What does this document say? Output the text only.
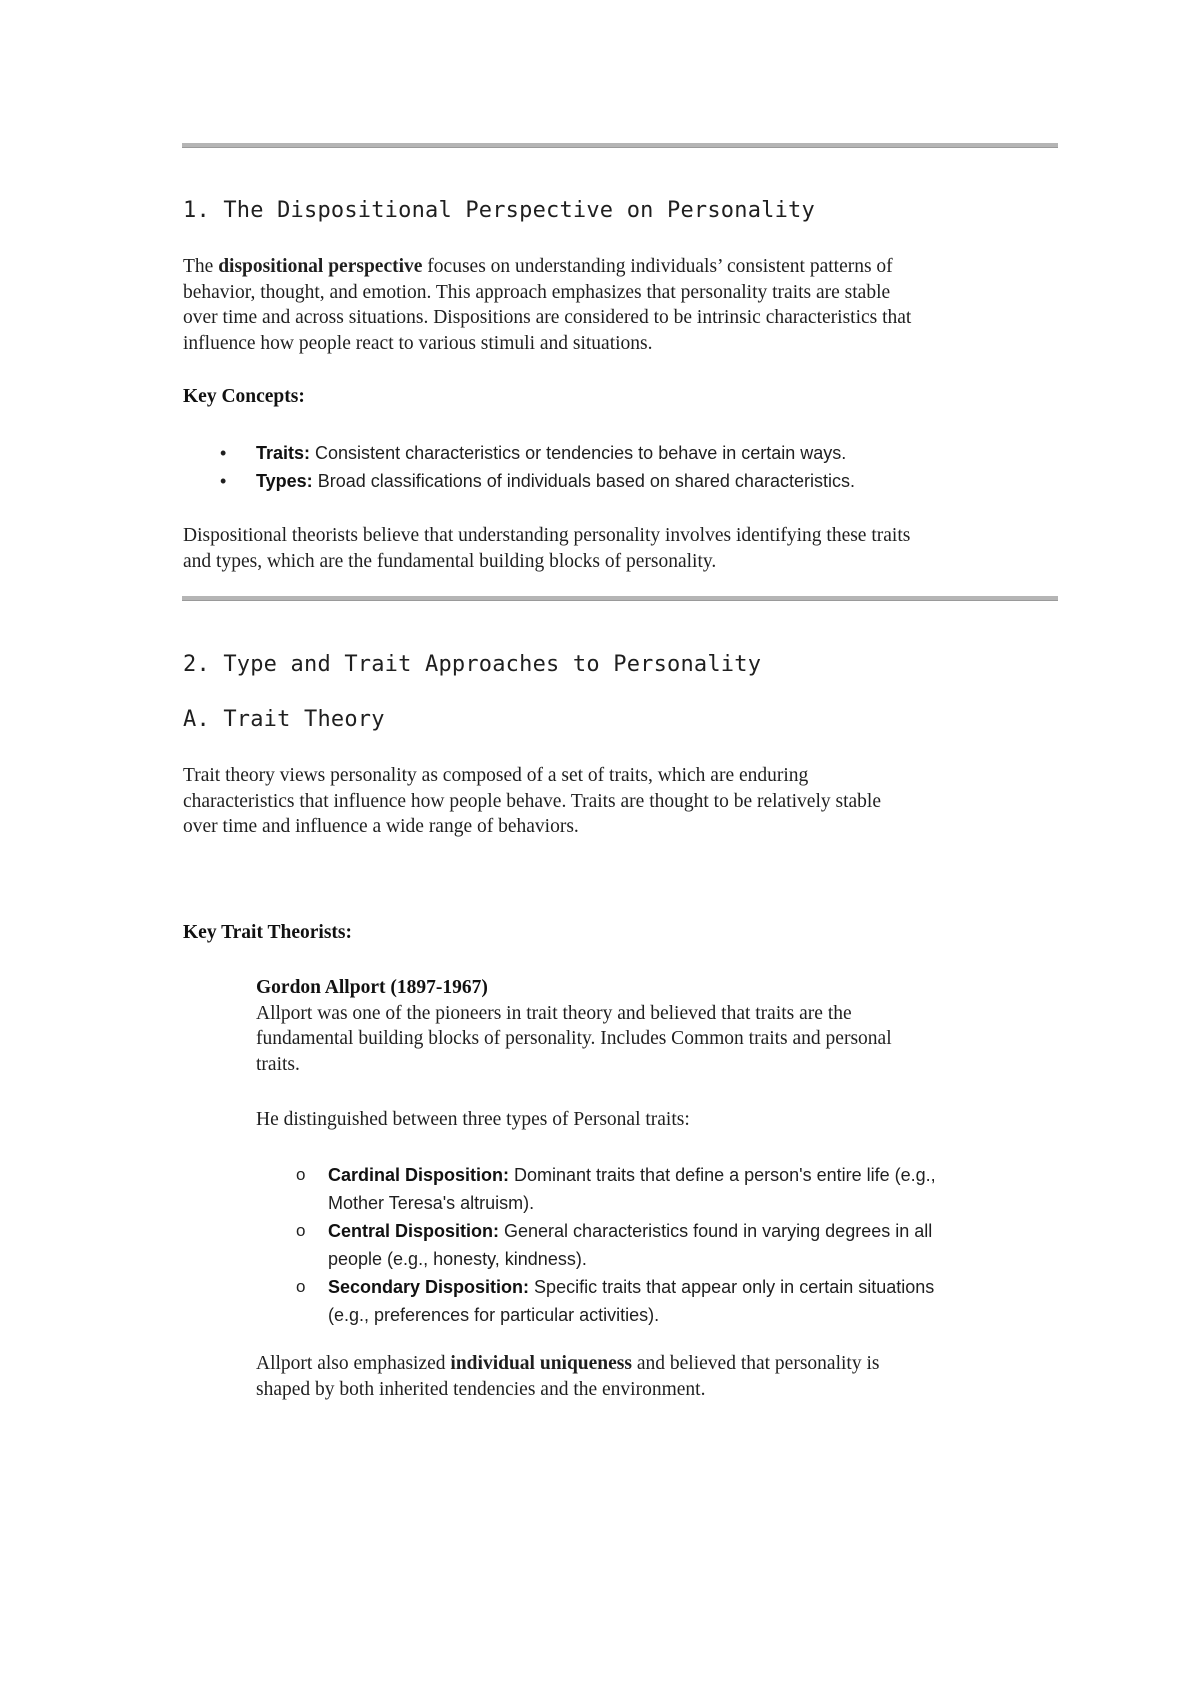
1. The Dispositional Perspective on Personality
The dispositional perspective focuses on understanding individuals’ consistent patterns of
behavior, thought, and emotion. This approach emphasizes that personality traits are stable
over time and across situations. Dispositions are considered to be intrinsic characteristics that
influence how people react to various stimuli and situations.
Key Concepts:
• Traits: Consistent characteristics or tendencies to behave in certain ways.
• Types: Broad classifications of individuals based on shared characteristics.
Dispositional theorists believe that understanding personality involves identifying these traits
and types, which are the fundamental building blocks of personality.
2. Type and Trait Approaches to Personality
A. Trait Theory
Trait theory views personality as composed of a set of traits, which are enduring
characteristics that influence how people behave. Traits are thought to be relatively stable
over time and influence a wide range of behaviors.
Key Trait Theorists:
Gordon Allport (1897-1967)
Allport was one of the pioneers in trait theory and believed that traits are the
fundamental building blocks of personality. Includes Common traits and personal
traits.
He distinguished between three types of Personal traits:
o Cardinal Disposition: Dominant traits that define a person's entire life (e.g.,
Mother Teresa's altruism).
o Central Disposition: General characteristics found in varying degrees in all
people (e.g., honesty, kindness).
o Secondary Disposition: Specific traits that appear only in certain situations
(e.g., preferences for particular activities).
Allport also emphasized individual uniqueness and believed that personality is
shaped by both inherited tendencies and the environment.
